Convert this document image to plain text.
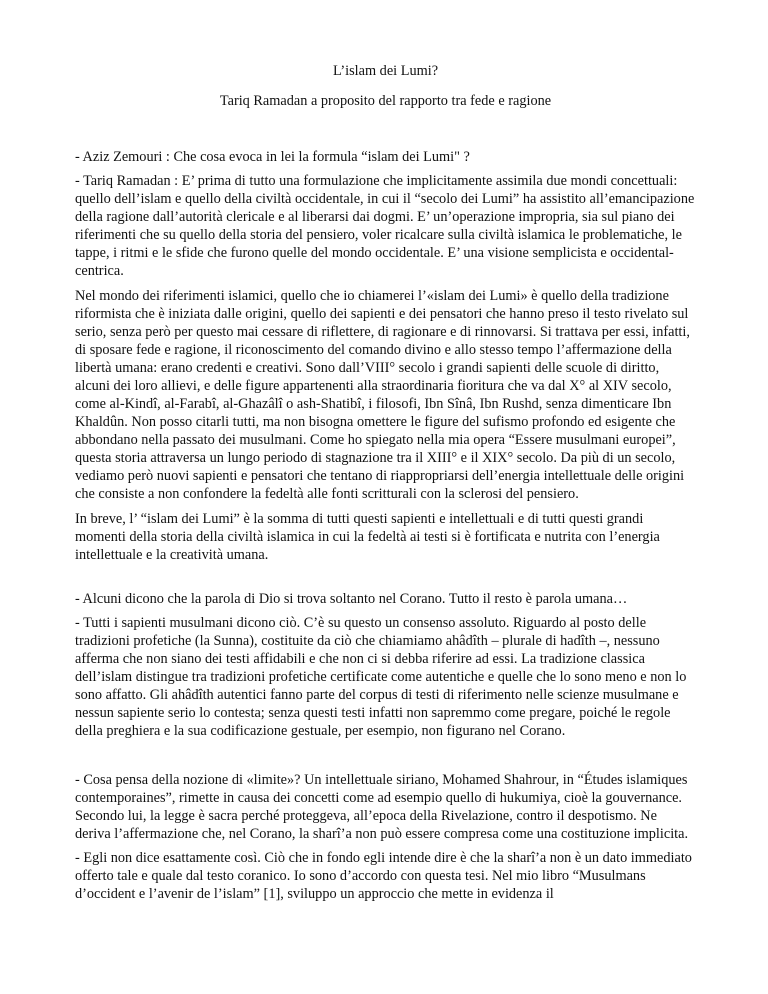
L’islam dei Lumi?

Tariq Ramadan a proposito del rapporto tra fede e ragione

- Aziz Zemouri : Che cosa evoca in lei la formula “islam dei Lumi" ?

- Tariq Ramadan : E’ prima di tutto una formulazione che implicitamente assimila due mondi concettuali: quello dell’islam e quello della civiltà occidentale, in cui il “secolo dei Lumi” ha assistito all’emancipazione della ragione dall’autorità clericale e al liberarsi dai dogmi. E’ un’operazione impropria, sia sul piano dei riferimenti che su quello della storia del pensiero, voler ricalcare sulla civiltà islamica le problematiche, le tappe, i ritmi e le sfide che furono quelle del mondo occidentale. E’ una visione semplicista e occidental-centrica.

Nel mondo dei riferimenti islamici, quello che io chiamerei l’«islam dei Lumi» è quello della tradizione riformista che è iniziata dalle origini, quello dei sapienti e dei pensatori che hanno preso il testo rivelato sul serio, senza però per questo mai cessare di riflettere, di ragionare e di rinnovarsi. Si trattava per essi, infatti, di sposare fede e ragione, il riconoscimento del comando divino e allo stesso tempo l’affermazione della libertà umana: erano credenti e creativi. Sono dall’VIII° secolo i grandi sapienti delle scuole di diritto, alcuni dei loro allievi, e delle figure appartenenti alla straordinaria fioritura che va dal X° al XIV secolo, come al-Kindî, al-Farabî, al-Ghazâlî o ash-Shatibî, i filosofi, Ibn Sînâ, Ibn Rushd, senza dimenticare Ibn Khaldûn. Non posso citarli tutti, ma non bisogna omettere le figure del sufismo profondo ed esigente che abbondano nella passato dei musulmani. Come ho spiegato nella mia opera “Essere musulmani europei”, questa storia attraversa un lungo periodo di stagnazione tra il XIII° e il XIX° secolo. Da più di un secolo, vediamo però nuovi sapienti e pensatori che tentano di riappropriarsi dell’energia intellettuale delle origini che consiste a non confondere la fedeltà alle fonti scritturali con la sclerosi del pensiero.

In breve, l’ “islam dei Lumi” è la somma di tutti questi sapienti e intellettuali e di tutti questi grandi momenti della storia della civiltà islamica in cui la fedeltà ai testi si è fortificata e nutrita con l’energia intellettuale e la creatività umana.

- Alcuni dicono che la parola di Dio si trova soltanto nel Corano. Tutto il resto è parola umana…

- Tutti i sapienti musulmani dicono ciò. C’è su questo un consenso assoluto. Riguardo al posto delle tradizioni profetiche (la Sunna), costituite da ciò che chiamiamo ahâdîth – plurale di hadîth –, nessuno afferma che non siano dei testi affidabili e che non ci si debba riferire ad essi. La tradizione classica dell’islam distingue tra tradizioni profetiche certificate come autentiche e quelle che lo sono meno e non lo sono affatto. Gli ahâdîth autentici fanno parte del corpus di testi di riferimento nelle scienze musulmane e nessun sapiente serio lo contesta; senza questi testi infatti non sapremmo come pregare, poiché le regole della preghiera e la sua codificazione gestuale, per esempio, non figurano nel Corano.

- Cosa pensa della nozione di «limite»? Un intellettuale siriano, Mohamed Shahrour, in “Études islamiques contemporaines”, rimette in causa dei concetti come ad esempio quello di hukumiya, cioè la gouvernance. Secondo lui, la legge è sacra perché proteggeva, all’epoca della Rivelazione, contro il despotismo. Ne deriva l’affermazione che, nel Corano, la sharî’a non può essere compresa come una costituzione implicita.

- Egli non dice esattamente così. Ciò che in fondo egli intende dire è che la sharî’a non è un dato immediato offerto tale e quale dal testo coranico. Io sono d’accordo con questa tesi. Nel mio libro “Musulmans d’occident e l’avenir de l’islam” [1], sviluppo un approccio che mette in evidenza il
